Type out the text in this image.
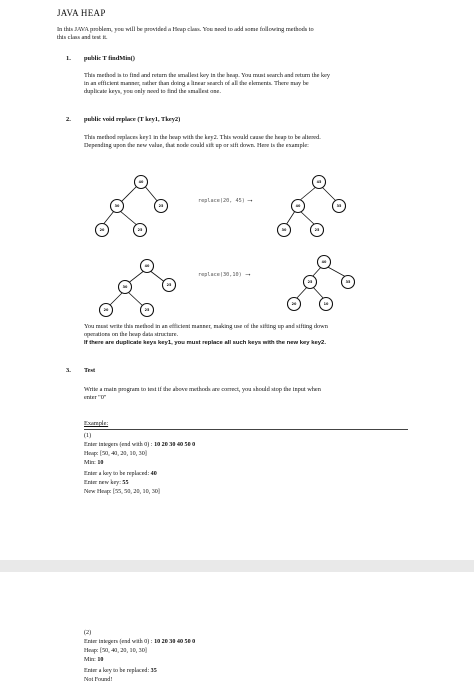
JAVA HEAP
In this JAVA problem, you will be provided a Heap class. You need to add some following methods to
this class and test it.
1. public T findMin()
This method is to find and return the smallest key in the heap. You must search and return the key
in an efficient manner, rather than doing a linear search of all the elements. There may be
duplicate keys, you only need to find the smallest one.
2. public void replace (T key1, Tkey2)
This method replaces key1 in the heap with the key2. This would cause the heap to be altered.
Depending upon the new value, that node could sift up or sift down. Here is the example:
40
30	25
20	25
replace(20, 45) →
45
40	35
30	25
40
30	25
20	25
replace(30,10) →
40
25	35
20	10
You must write this method in an efficient manner, making use of the sifting up and sifting down
operations on the heap data structure.
If there are duplicate keys key1, you must replace all such keys with the new key key2.
3. Test
Write a main program to test if the above methods are correct, you should stop the input when
enter "0"
Example:
(1)
Enter integers (end with 0) : 10 20 30 40 50 0
Heap: [50, 40, 20, 10, 30]
Min: 10
Enter a key to be replaced: 40
Enter new key: 55
New Heap: [55, 50, 20, 10, 30]
(2)
Enter integers (end with 0) : 10 20 30 40 50 0
Heap: [50, 40, 20, 10, 30]
Min: 10
Enter a key to be replaced: 35
Not Found!
